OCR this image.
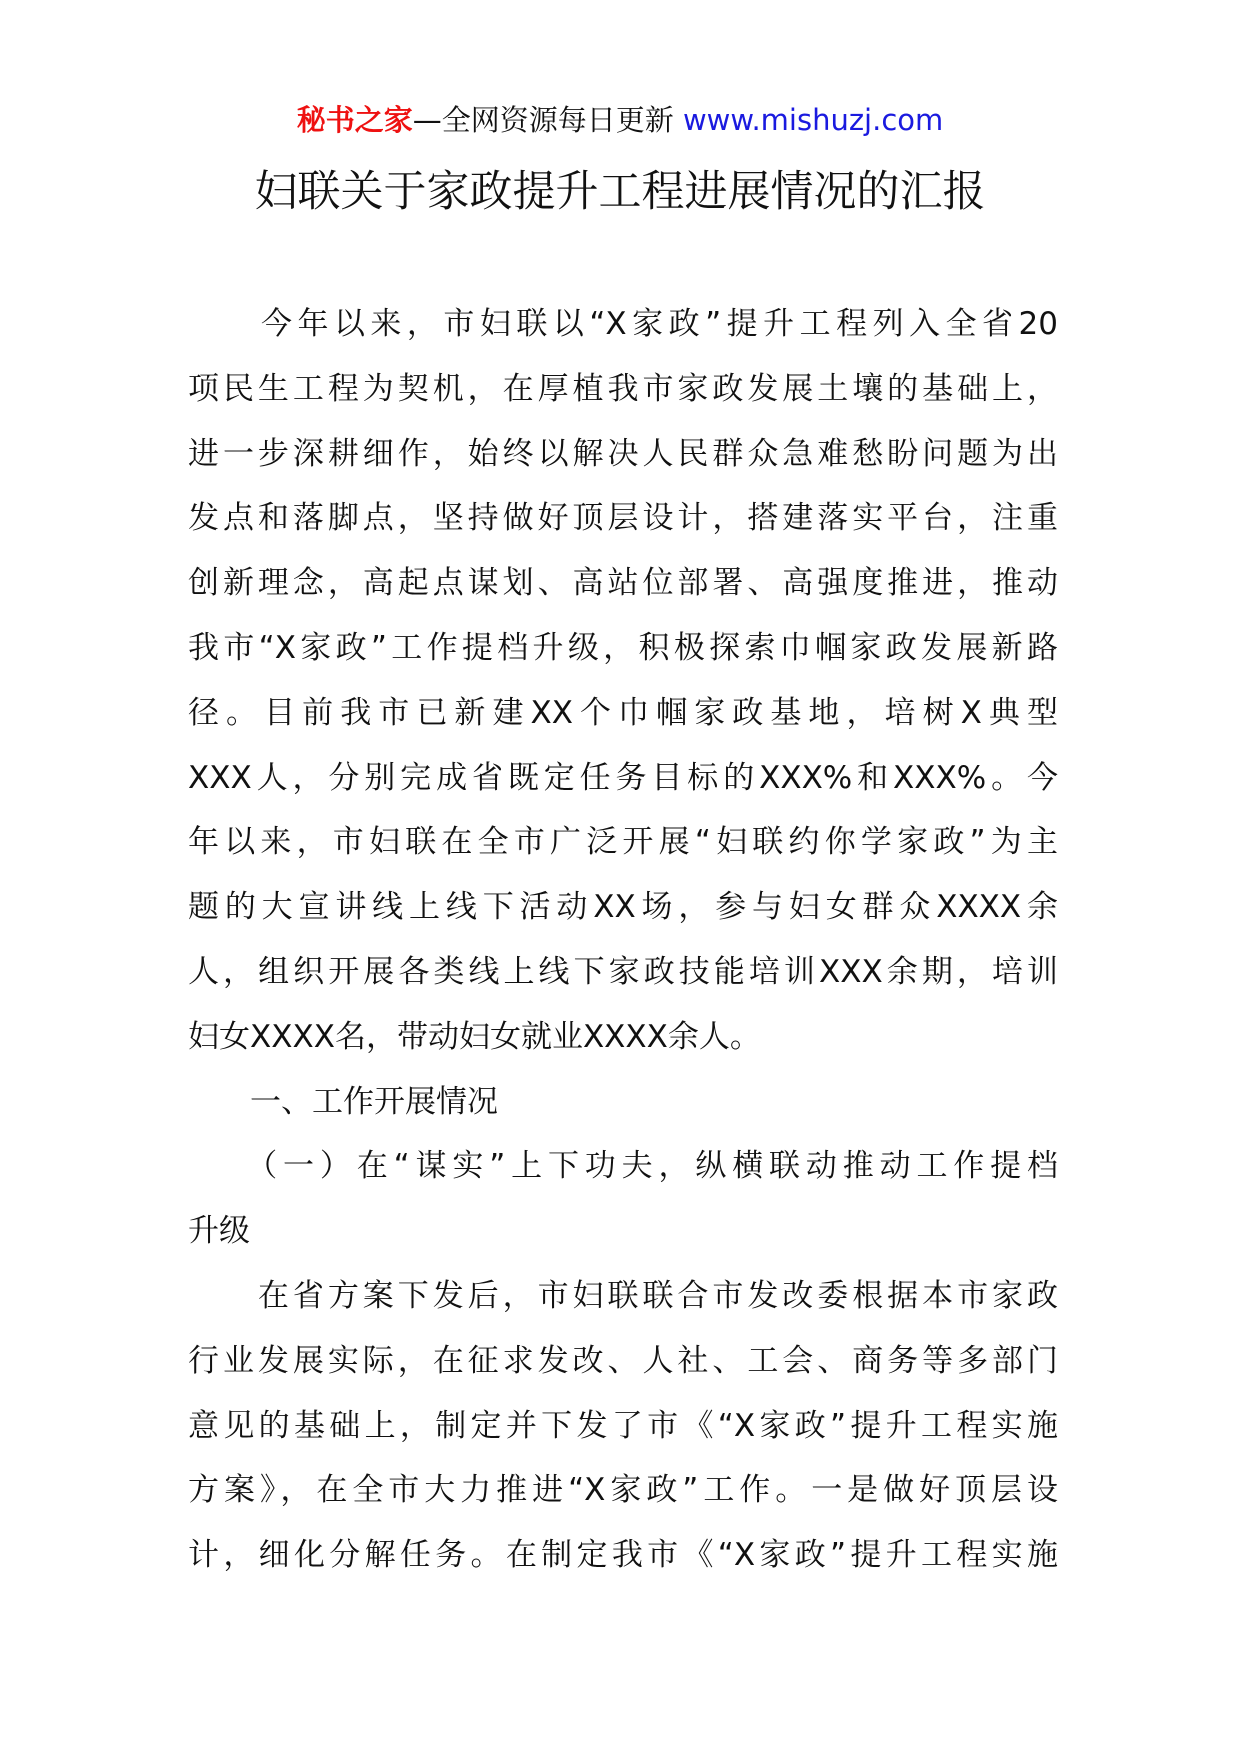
秘书之家—全网资源每日更新 www.mishuzj.com
妇联关于家政提升工程进展情况的汇报
　　今年以来，市妇联以“X家政”提升工程列入全省20
项民生工程为契机，在厚植我市家政发展土壤的基础上，
进一步深耕细作，始终以解决人民群众急难愁盼问题为出
发点和落脚点，坚持做好顶层设计，搭建落实平台，注重
创新理念，高起点谋划、高站位部署、高强度推进，推动
我市“X家政”工作提档升级，积极探索巾帼家政发展新路
径。目前我市已新建XX个巾帼家政基地，培树X典型
XXX人，分别完成省既定任务目标的XXX%和XXX%。今
年以来，市妇联在全市广泛开展“妇联约你学家政”为主
题的大宣讲线上线下活动XX场，参与妇女群众XXXX余
人，组织开展各类线上线下家政技能培训XXX余期，培训
妇女XXXX名，带动妇女就业XXXX余人。
　　一、工作开展情况
　　（一）在“谋实”上下功夫，纵横联动推动工作提档
升级
　　在省方案下发后，市妇联联合市发改委根据本市家政
行业发展实际，在征求发改、人社、工会、商务等多部门
意见的基础上，制定并下发了市《“X家政”提升工程实施
方案》，在全市大力推进“X家政”工作。一是做好顶层设
计，细化分解任务。在制定我市《“X家政”提升工程实施
